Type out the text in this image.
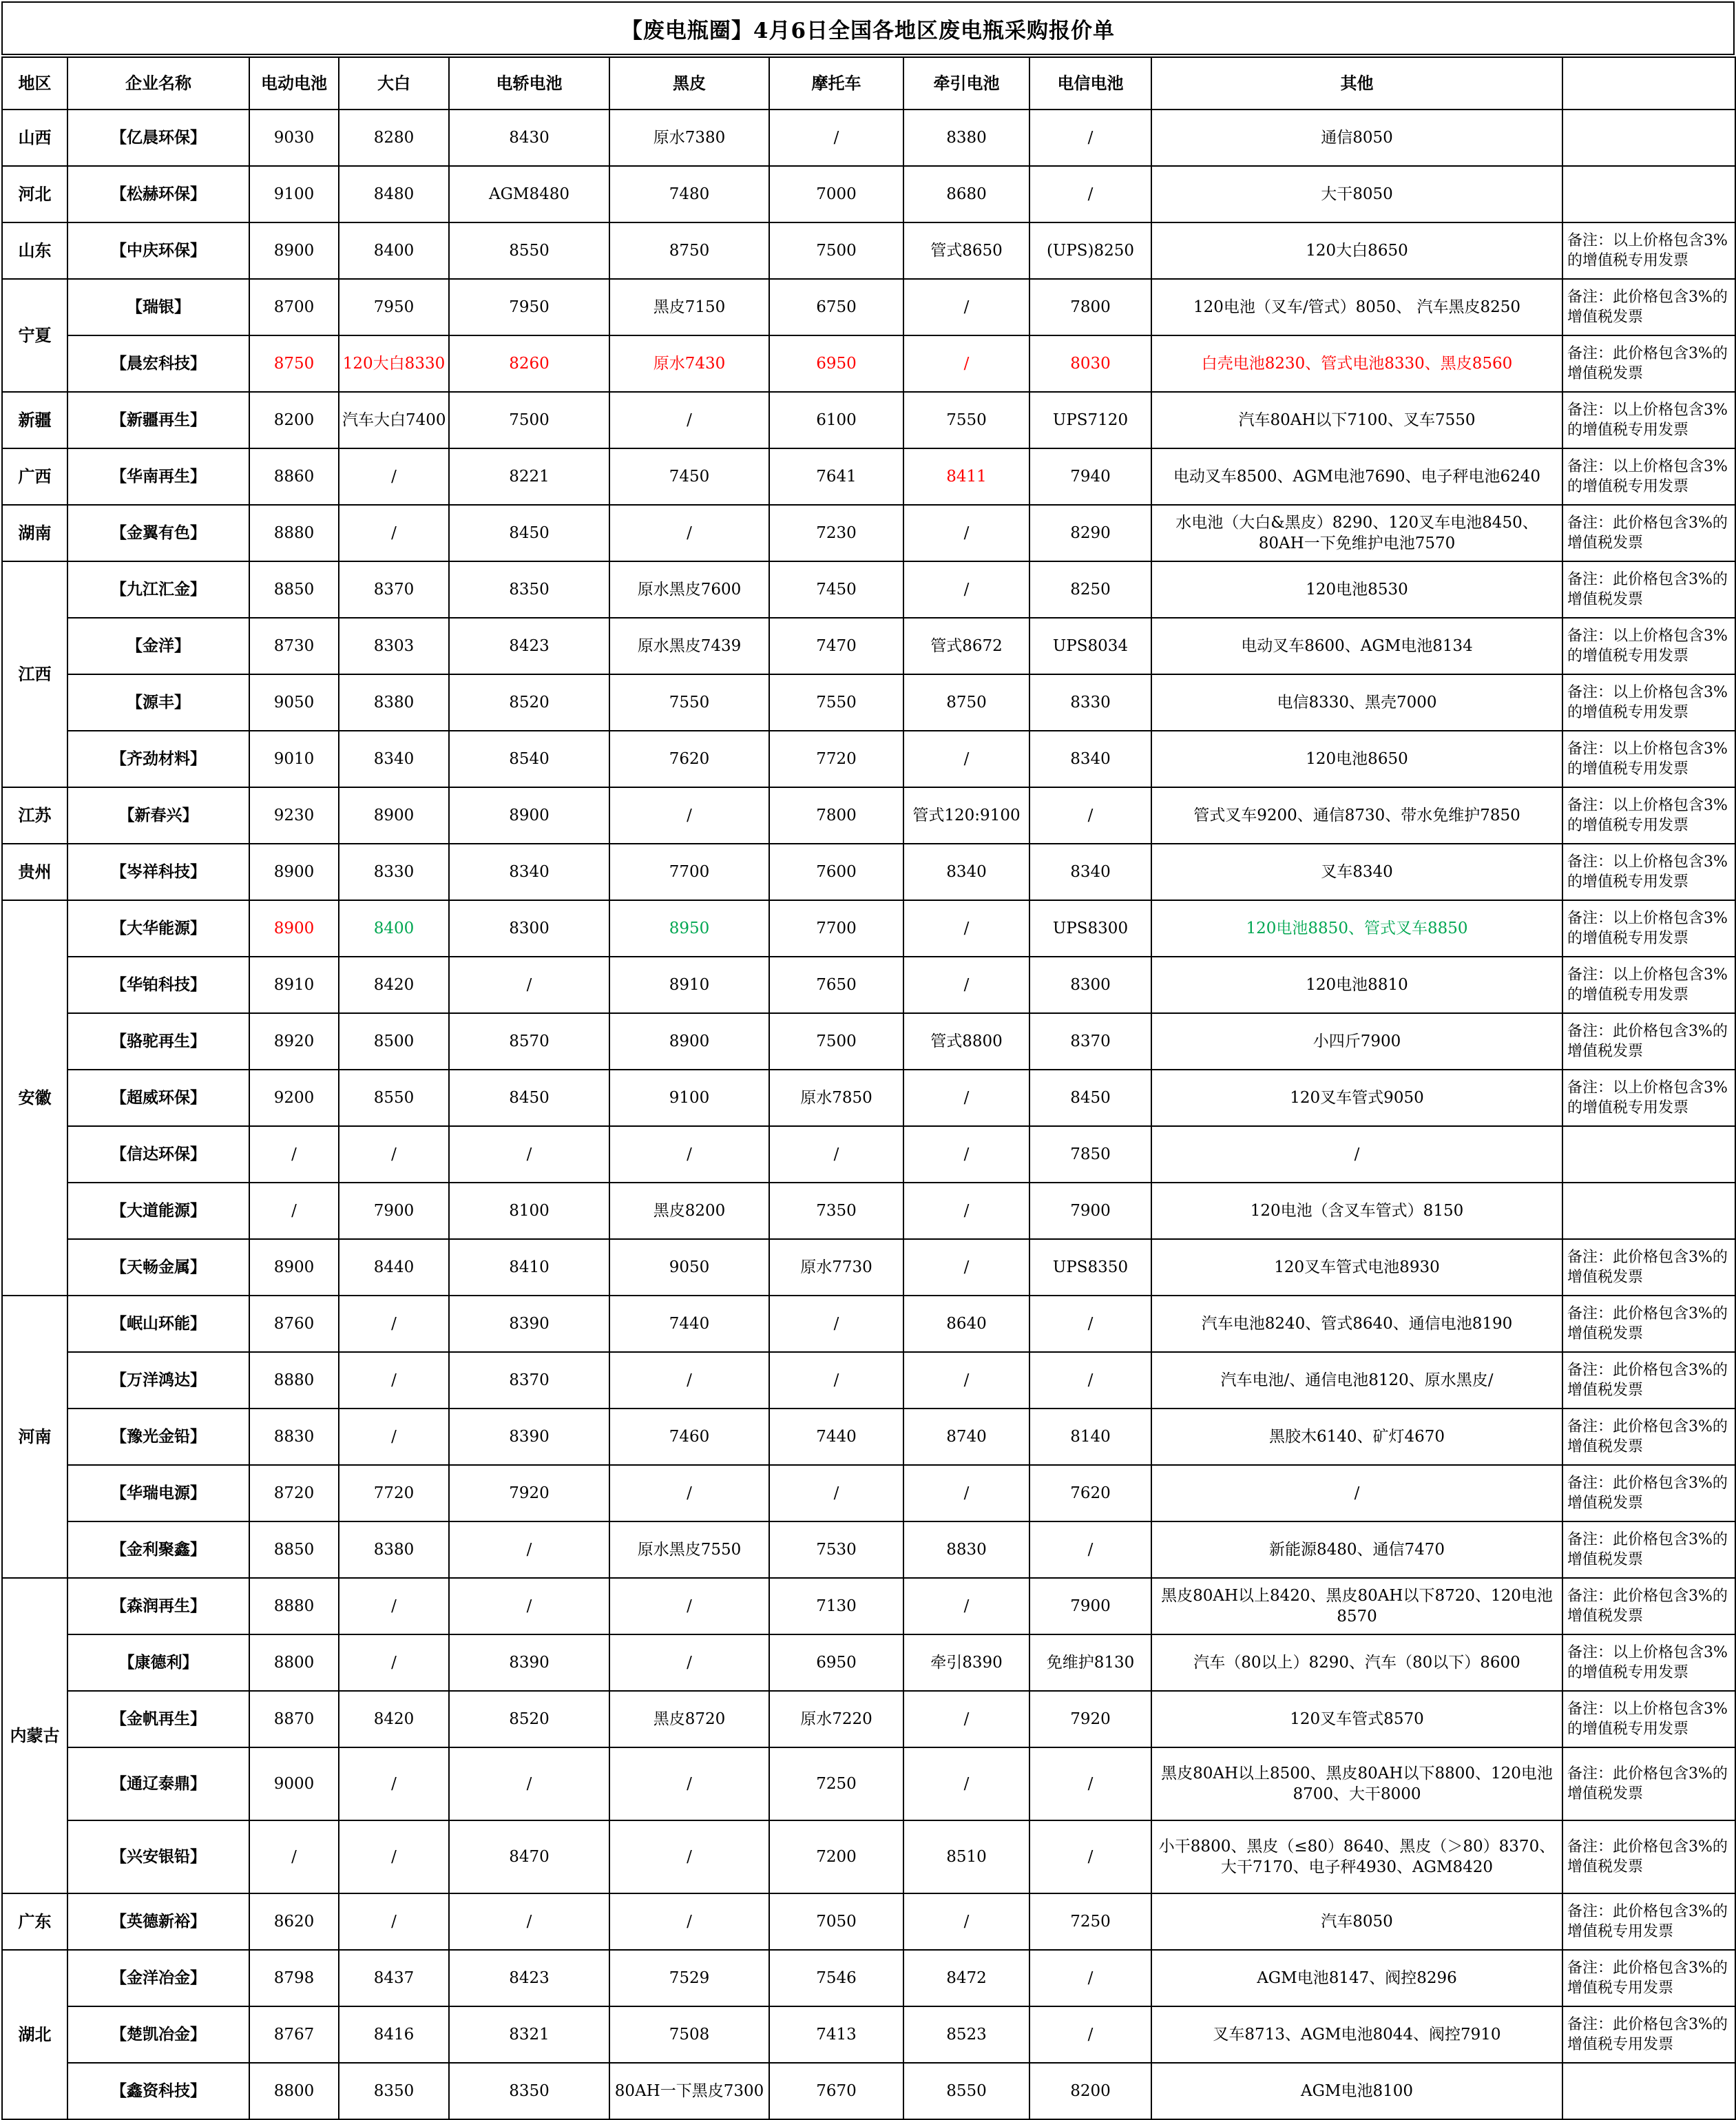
【废电瓶圈】4月6日全国各地区废电瓶采购报价单
地区	企业名称	电动电池	大白	电轿电池	黑皮	摩托车	牵引电池	电信电池	其他	
山西	【亿晨环保】	9030	8280	8430	原水7380	/	8380	/	通信8050	
河北	【松赫环保】	9100	8480	AGM8480	7480	7000	8680	/	大干8050	
山东	【中庆环保】	8900	8400	8550	8750	7500	管式8650	(UPS)8250	120大白8650	备注：以上价格包含3%的增值税专用发票
宁夏	【瑞银】	8700	7950	7950	黑皮7150	6750	/	7800	120电池（叉车/管式）8050、 汽车黑皮8250	备注：此价格包含3%的增值税发票
	【晨宏科技】	8750	120大白8330	8260	原水7430	6950	/	8030	白壳电池8230、管式电池8330、黑皮8560	备注：此价格包含3%的增值税发票
新疆	【新疆再生】	8200	汽车大白7400	7500	/	6100	7550	UPS7120	汽车80AH以下7100、叉车7550	备注：以上价格包含3%的增值税专用发票
广西	【华南再生】	8860	/	8221	7450	7641	8411	7940	电动叉车8500、AGM电池7690、电子秤电池6240	备注：以上价格包含3%的增值税专用发票
湖南	【金翼有色】	8880	/	8450	/	7230	/	8290	水电池（大白&黑皮）8290、120叉车电池8450、80AH一下免维护电池7570	备注：此价格包含3%的增值税发票
江西	【九江汇金】	8850	8370	8350	原水黑皮7600	7450	/	8250	120电池8530	备注：此价格包含3%的增值税发票
	【金洋】	8730	8303	8423	原水黑皮7439	7470	管式8672	UPS8034	电动叉车8600、AGM电池8134	备注：以上价格包含3%的增值税专用发票
	【源丰】	9050	8380	8520	7550	7550	8750	8330	电信8330、黑壳7000	备注：以上价格包含3%的增值税专用发票
	【齐劲材料】	9010	8340	8540	7620	7720	/	8340	120电池8650	备注：以上价格包含3%的增值税专用发票
江苏	【新春兴】	9230	8900	8900	/	7800	管式120:9100	/	管式叉车9200、通信8730、带水免维护7850	备注：以上价格包含3%的增值税专用发票
贵州	【岑祥科技】	8900	8330	8340	7700	7600	8340	8340	叉车8340	备注：以上价格包含3%的增值税专用发票
安徽	【大华能源】	8900	8400	8300	8950	7700	/	UPS8300	120电池8850、管式叉车8850	备注：以上价格包含3%的增值税专用发票
	【华铂科技】	8910	8420	/	8910	7650	/	8300	120电池8810	备注：以上价格包含3%的增值税专用发票
	【骆驼再生】	8920	8500	8570	8900	7500	管式8800	8370	小四斤7900	备注：此价格包含3%的增值税发票
	【超威环保】	9200	8550	8450	9100	原水7850	/	8450	120叉车管式9050	备注：以上价格包含3%的增值税专用发票
	【信达环保】	/	/	/	/	/	/	7850	/	
	【大道能源】	/	7900	8100	黑皮8200	7350	/	7900	120电池（含叉车管式）8150	
	【天畅金属】	8900	8440	8410	9050	原水7730	/	UPS8350	120叉车管式电池8930	备注：此价格包含3%的增值税发票
河南	【岷山环能】	8760	/	8390	7440	/	8640	/	汽车电池8240、管式8640、通信电池8190	备注：此价格包含3%的增值税发票
	【万洋鸿达】	8880	/	8370	/	/	/	/	汽车电池/、通信电池8120、原水黑皮/	备注：此价格包含3%的增值税发票
	【豫光金铅】	8830	/	8390	7460	7440	8740	8140	黑胶木6140、矿灯4670	备注：此价格包含3%的增值税发票
	【华瑞电源】	8720	7720	7920	/	/	/	7620	/	备注：此价格包含3%的增值税发票
	【金利聚鑫】	8850	8380	/	原水黑皮7550	7530	8830	/	新能源8480、通信7470	备注：此价格包含3%的增值税发票
内蒙古	【森润再生】	8880	/	/	/	7130	/	7900	黑皮80AH以上8420、黑皮80AH以下8720、120电池8570	备注：此价格包含3%的增值税发票
	【康德利】	8800	/	8390	/	6950	牵引8390	免维护8130	汽车（80以上）8290、汽车（80以下）8600	备注：以上价格包含3%的增值税专用发票
	【金帆再生】	8870	8420	8520	黑皮8720	原水7220	/	7920	120叉车管式8570	备注：以上价格包含3%的增值税专用发票
	【通辽泰鼎】	9000	/	/	/	7250	/	/	黑皮80AH以上8500、黑皮80AH以下8800、120电池8700、大干8000	备注：此价格包含3%的增值税发票
	【兴安银铅】	/	/	8470	/	7200	8510	/	小干8800、黑皮（≤80）8640、黑皮（＞80）8370、大干7170、电子秤4930、AGM8420	备注：此价格包含3%的增值税发票
广东	【英德新裕】	8620	/	/	/	7050	/	7250	汽车8050	备注：此价格包含3%的增值税专用发票
湖北	【金洋冶金】	8798	8437	8423	7529	7546	8472	/	AGM电池8147、阀控8296	备注：此价格包含3%的增值税专用发票
	【楚凯冶金】	8767	8416	8321	7508	7413	8523	/	叉车8713、AGM电池8044、阀控7910	备注：此价格包含3%的增值税专用发票
	【鑫资科技】	8800	8350	8350	80AH一下黑皮7300	7670	8550	8200	AGM电池8100	
